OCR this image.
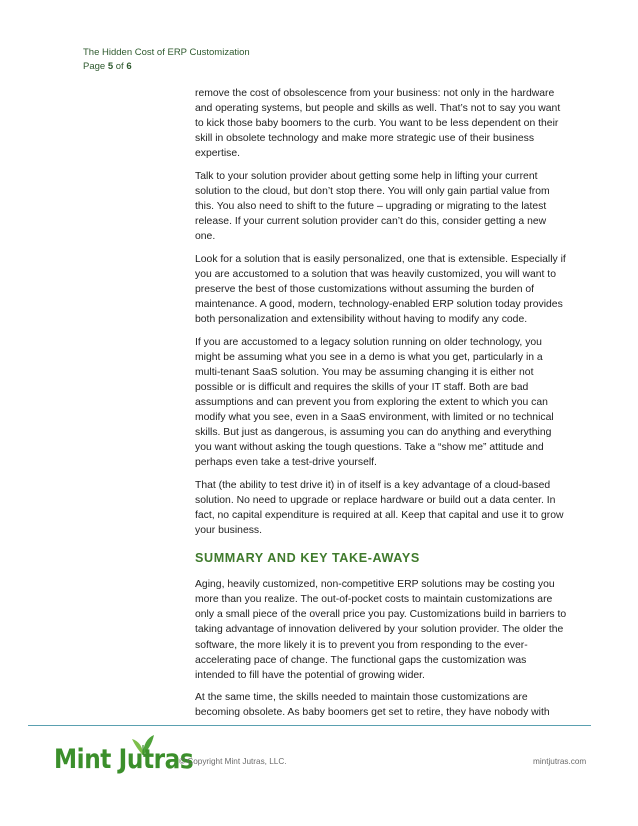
The Hidden Cost of ERP Customization
Page 5 of 6

remove the cost of obsolescence from your business: not only in the hardware and operating systems, but people and skills as well. That’s not to say you want to kick those baby boomers to the curb. You want to be less dependent on their skill in obsolete technology and make more strategic use of their business expertise.

Talk to your solution provider about getting some help in lifting your current solution to the cloud, but don’t stop there. You will only gain partial value from this. You also need to shift to the future – upgrading or migrating to the latest release. If your current solution provider can’t do this, consider getting a new one.

Look for a solution that is easily personalized, one that is extensible. Especially if you are accustomed to a solution that was heavily customized, you will want to preserve the best of those customizations without assuming the burden of maintenance. A good, modern, technology-enabled ERP solution today provides both personalization and extensibility without having to modify any code.

If you are accustomed to a legacy solution running on older technology, you might be assuming what you see in a demo is what you get, particularly in a multi-tenant SaaS solution. You may be assuming changing it is either not possible or is difficult and requires the skills of your IT staff. Both are bad assumptions and can prevent you from exploring the extent to which you can modify what you see, even in a SaaS environment, with limited or no technical skills. But just as dangerous, is assuming you can do anything and everything you want without asking the tough questions. Take a “show me” attitude and perhaps even take a test-drive yourself.

That (the ability to test drive it) in of itself is a key advantage of a cloud-based solution. No need to upgrade or replace hardware or build out a data center. In fact, no capital expenditure is required at all. Keep that capital and use it to grow your business.

SUMMARY AND KEY TAKE-AWAYS

Aging, heavily customized, non-competitive ERP solutions may be costing you more than you realize. The out-of-pocket costs to maintain customizations are only a small piece of the overall price you pay. Customizations build in barriers to taking advantage of innovation delivered by your solution provider. The older the software, the more likely it is to prevent you from responding to the ever-accelerating pace of change. The functional gaps the customization was intended to fill have the potential of growing wider.

At the same time, the skills needed to maintain those customizations are becoming obsolete. As baby boomers get set to retire, they have nobody with

Mint Jutras
© Copyright Mint Jutras, LLC.	mintjutras.com
